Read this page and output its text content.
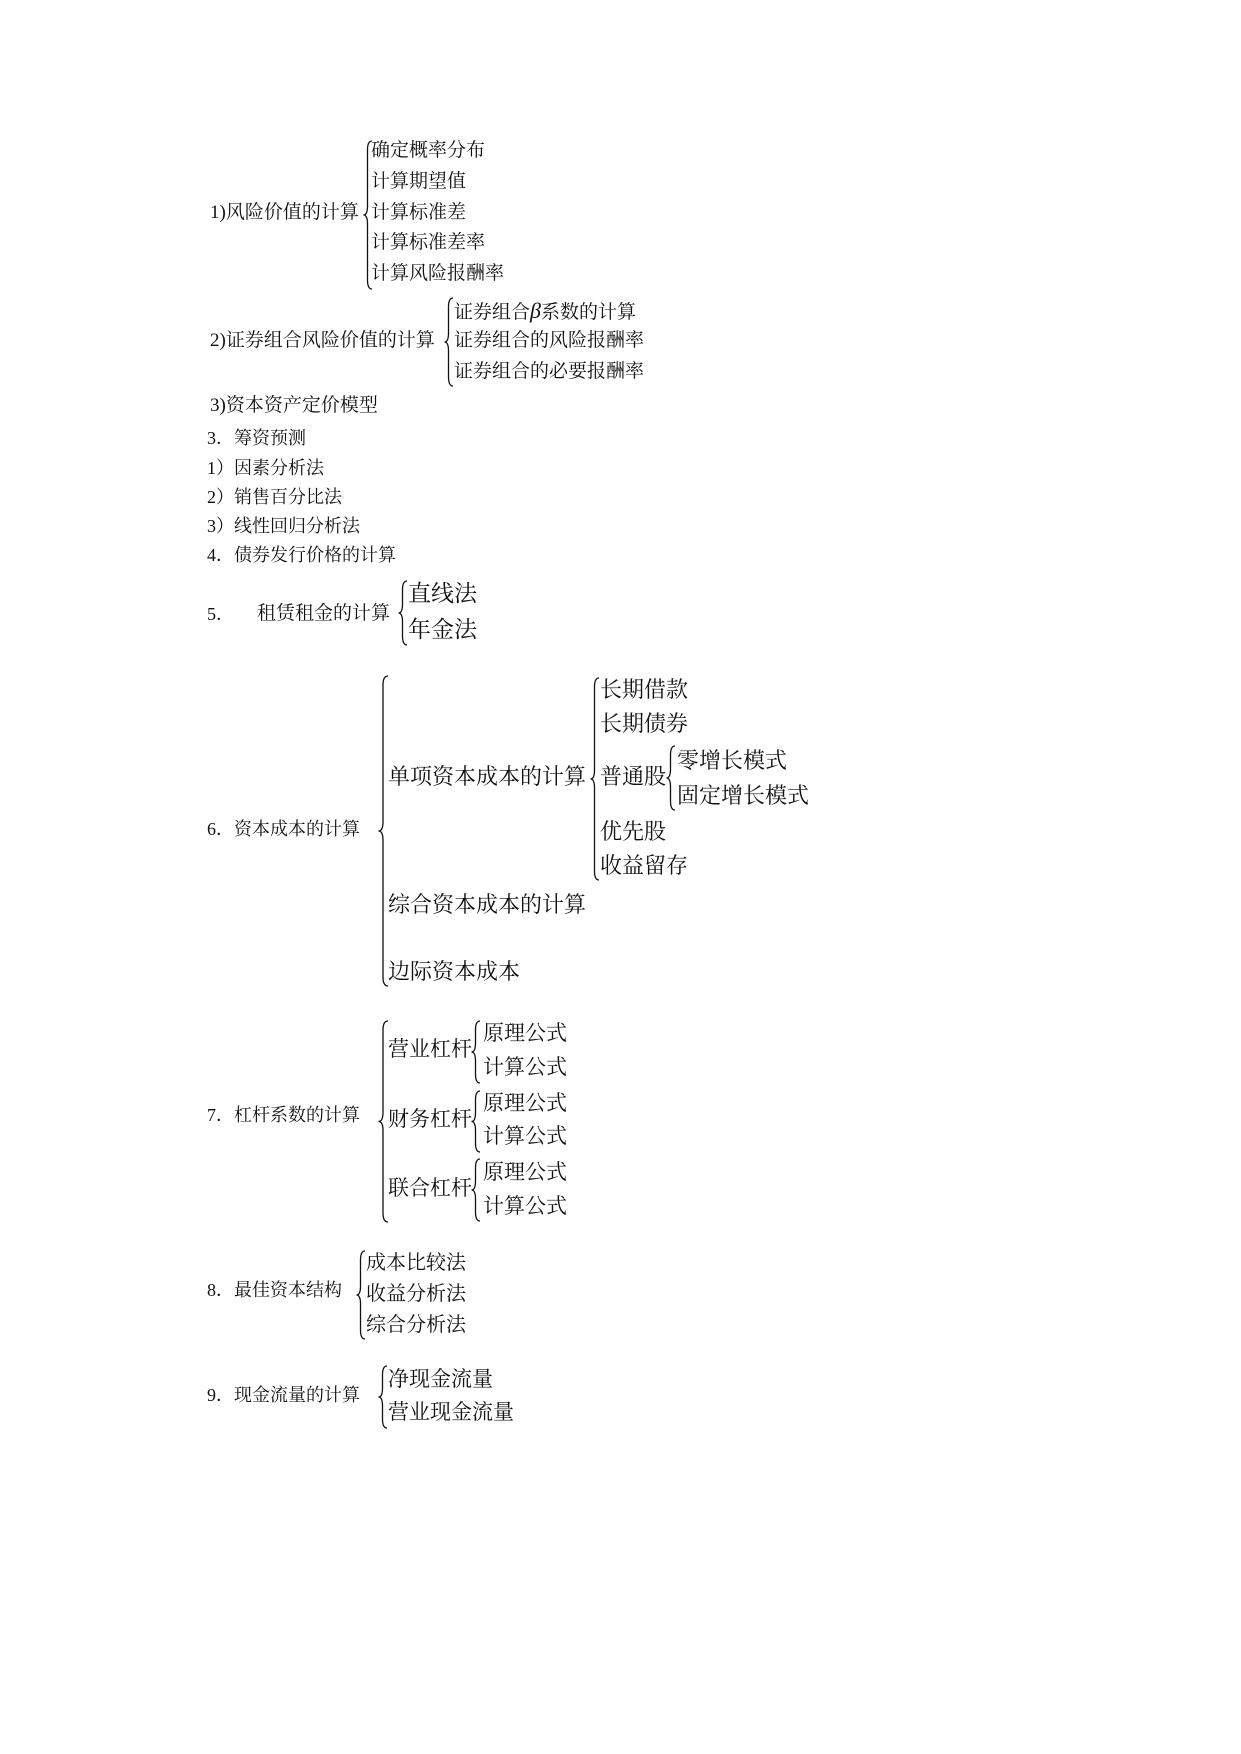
1)风险价值的计算
确定概率分布
计算期望值
计算标准差
计算标准差率
计算风险报酬率
2)证券组合风险价值的计算
证券组合β系数的计算
证券组合的风险报酬率
证券组合的必要报酬率
3)资本资产定价模型
3．筹资预测
1）因素分析法
2）销售百分比法
3）线性回归分析法
4．债券发行价格的计算
5． 租赁租金的计算
直线法
年金法
6．资本成本的计算
单项资本成本的计算
长期借款
长期债券
普通股
零增长模式
固定增长模式
优先股
收益留存
综合资本成本的计算
边际资本成本
7．杠杆系数的计算
营业杠杆
原理公式
计算公式
财务杠杆
原理公式
计算公式
联合杠杆
原理公式
计算公式
8．最佳资本结构
成本比较法
收益分析法
综合分析法
9．现金流量的计算
净现金流量
营业现金流量
